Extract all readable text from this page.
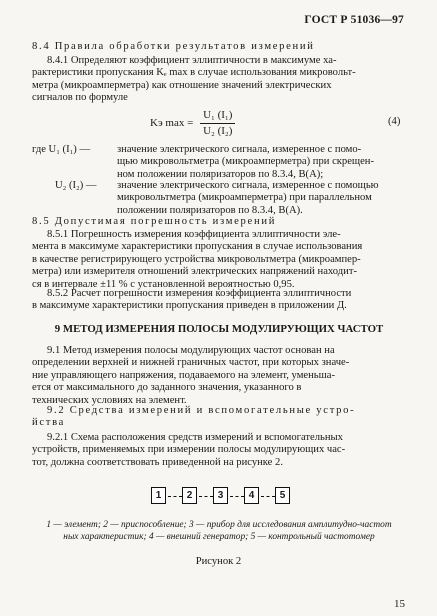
ГОСТ Р 51036—97
8.4 Правила обработки результатов измерений
8.4.1 Определяют коэффициент эллиптичности в максимуме ха-
рактеристики пропускания Kₑ max в случае использования микровольт-
метра (микроамперметра) как отношение значений электрических
сигналов по формуле
Kэ $\max = \frac{\text{U₁ (I₁)}}{\text{U₂ (I₂)}}$	(4)
где U₁ (I₁) —	значение электрического сигнала, измеренное с помо-
щью микровольтметра (микроамперметра) при скрещен-
ном положении поляризаторов по 8.3.4, В(А);
U₂ (I₂) —	значение электрического сигнала, измеренное с помощью
микровольтметра (микроамперметра) при параллельном
положении поляризаторов по 8.3.4, В(А).
8.5 Допустимая погрешность измерений
8.5.1 Погрешность измерения коэффициента эллиптичности эле-
мента в максимуме характеристики пропускания в случае использования
в качестве регистрирующего устройства микровольтметра (микроампер-
метра) или измерителя отношений электрических напряжений находит-
ся в интервале ±11 % с установленной вероятностью 0,95.
8.5.2 Расчет погрешности измерения коэффициента эллиптичности
в максимуме характеристики пропускания приведен в приложении Д.
9 МЕТОД ИЗМЕРЕНИЯ ПОЛОСЫ МОДУЛИРУЮЩИХ ЧАСТОТ
9.1 Метод измерения полосы модулирующих частот основан на
определении верхней и нижней граничных частот, при которых значе-
ние управляющего напряжения, подаваемого на элемент, уменьша-
ется от максимального до заданного значения, указанного в
технических условиях на элемент.
9.2 Средства измерений и вспомогательные устро-
йства
9.2.1 Схема расположения средств измерений и вспомогательных
устройств, применяемых при измерении полосы модулирующих час-
тот, должна соответствовать приведенной на рисунке 2.
1	2	3	4	5
1 — элемент; 2 — приспособление; 3 — прибор для исследования амплитудно-частот
ных характеристик; 4 — внешний генератор; 5 — контрольный частотомер
Рисунок 2
15
